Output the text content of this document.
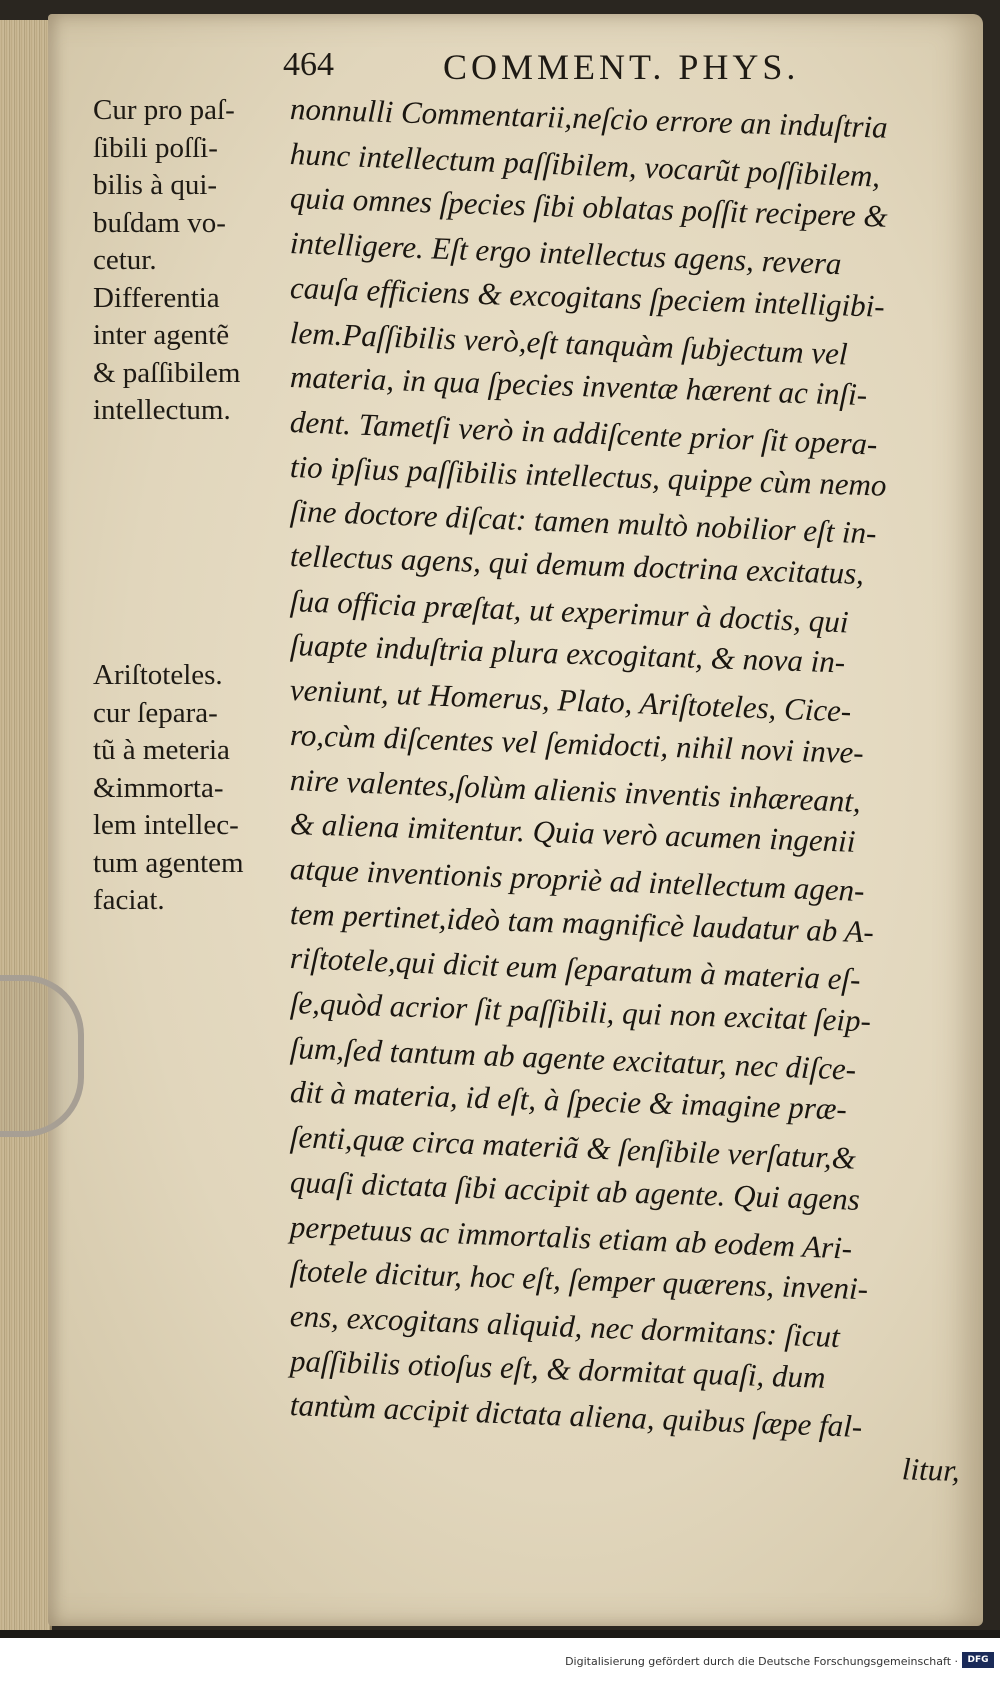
464	COMMENT. PHYS.
Cur pro paſ-
ſibili poſſi-
bilis à qui-
buſdam vo-
cetur.
Differentia
inter agentẽ
& paſſibilem
intellectum.
Ariſtoteles.
cur ſepara-
tũ à meteria
&immorta-
lem intellec-
tum agentem
faciat.
nonnulli Commentarii,neſcio errore an induſtria
hunc intellectum paſſibilem, vocarũt poſſibilem,
quia omnes ſpecies ſibi oblatas poſſit recipere &
intelligere. Eſt ergo intellectus agens, revera
cauſa efficiens & excogitans ſpeciem intelligibi-
lem.Paſſibilis verò,eſt tanquàm ſubjectum vel
materia, in qua ſpecies inventæ hærent ac inſi-
dent. Tametſi verò in addiſcente prior ſit opera-
tio ipſius paſſibilis intellectus, quippe cùm nemo
ſine doctore diſcat: tamen multò nobilior eſt in-
tellectus agens, qui demum doctrina excitatus,
ſua officia præſtat, ut experimur à doctis, qui
ſuapte induſtria plura excogitant, & nova in-
veniunt, ut Homerus, Plato, Ariſtoteles, Cice-
ro,cùm diſcentes vel ſemidocti, nihil novi inve-
nire valentes,ſolùm alienis inventis inhæreant,
& aliena imitentur. Quia verò acumen ingenii
atque inventionis propriè ad intellectum agen-
tem pertinet,ideò tam magnificè laudatur ab A-
riſtotele,qui dicit eum ſeparatum à materia eſ-
ſe,quòd acrior ſit paſſibili, qui non excitat ſeip-
ſum,ſed tantum ab agente excitatur, nec diſce-
dit à materia, id eſt, à ſpecie & imagine præ-
ſenti,quæ circa materiã & ſenſibile verſatur,&
quaſi dictata ſibi accipit ab agente. Qui agens
perpetuus ac immortalis etiam ab eodem Ari-
ſtotele dicitur, hoc eſt, ſemper quærens, inveni-
ens, excogitans aliquid, nec dormitans: ſicut
paſſibilis otioſus eſt, & dormitat quaſi, dum
tantùm accipit dictata aliena, quibus ſæpe fal-
litur,
Digitalisierung gefördert durch die Deutsche Forschungsgemeinschaft ·	DFG
